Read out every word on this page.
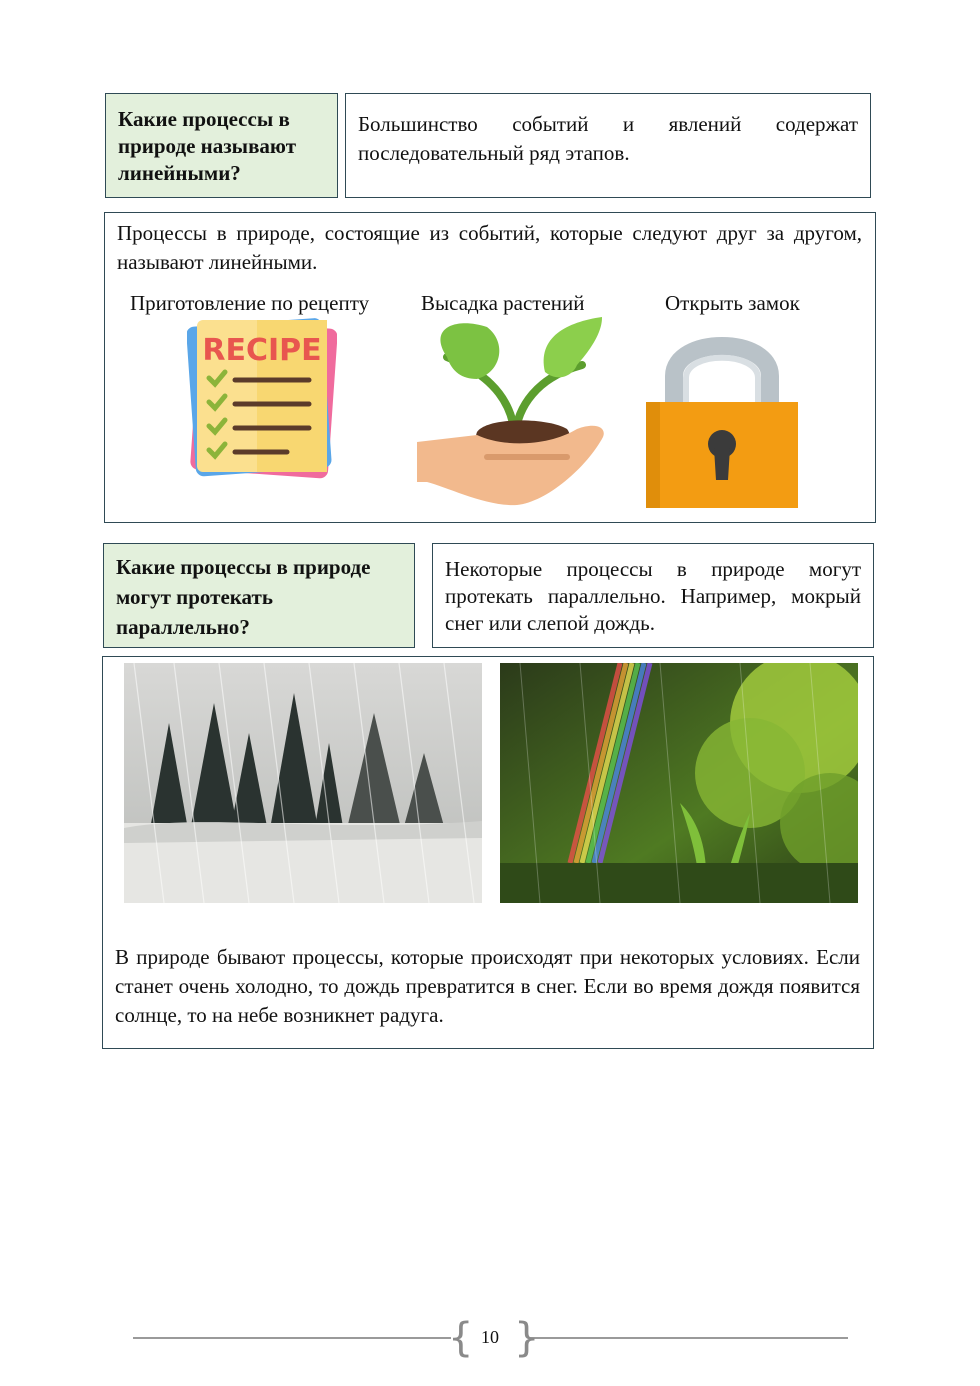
Какие процессы в природе называют линейными?
Большинство событий и явлений содержат последовательный ряд этапов.
Процессы в природе, состоящие из событий, которые следуют друг за другом, называют линейными.
Приготовление по рецепту Высадка растений	Открыть замок
RECIPE
Какие процессы в природе могут протекать параллельно?
Некоторые процессы в природе могут протекать параллельно. Например, мокрый снег или слепой дождь.
В природе бывают процессы, которые происходят при некоторых условиях. Если станет очень холодно, то дождь превратится в снег. Если во время дождя появится солнце, то на небе возникнет радуга.
{ }
10
